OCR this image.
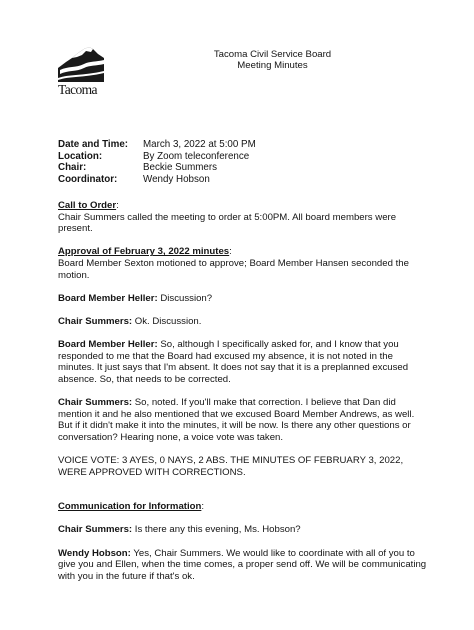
Tacoma
Tacoma Civil Service Board
Meeting Minutes
Date and Time:	March 3, 2022 at 5:00 PM
Location:	By Zoom teleconference
Chair:	Beckie Summers
Coordinator:	Wendy Hobson
Call to Order:

Chair Summers called the meeting to order at 5:00PM. All board members were present.

Approval of February 3, 2022 minutes:

Board Member Sexton motioned to approve; Board Member Hansen seconded the motion.

Board Member Heller: Discussion?

Chair Summers: Ok. Discussion.

Board Member Heller: So, although I specifically asked for, and I know that you responded to me that the Board had excused my absence, it is not noted in the minutes. It just says that I'm absent. It does not say that it is a preplanned excused absence. So, that needs to be corrected.

Chair Summers: So, noted. If you'll make that correction. I believe that Dan did mention it and he also mentioned that we excused Board Member Andrews, as well. But if it didn't make it into the minutes, it will be now. Is there any other questions or conversation? Hearing none, a voice vote was taken.

VOICE VOTE: 3 AYES, 0 NAYS, 2 ABS. THE MINUTES OF FEBRUARY 3, 2022, WERE APPROVED WITH CORRECTIONS.

Communication for Information:

Chair Summers: Is there any this evening, Ms. Hobson?

Wendy Hobson: Yes, Chair Summers. We would like to coordinate with all of you to give you and Ellen, when the time comes, a proper send off. We will be communicating with you in the future if that's ok.
